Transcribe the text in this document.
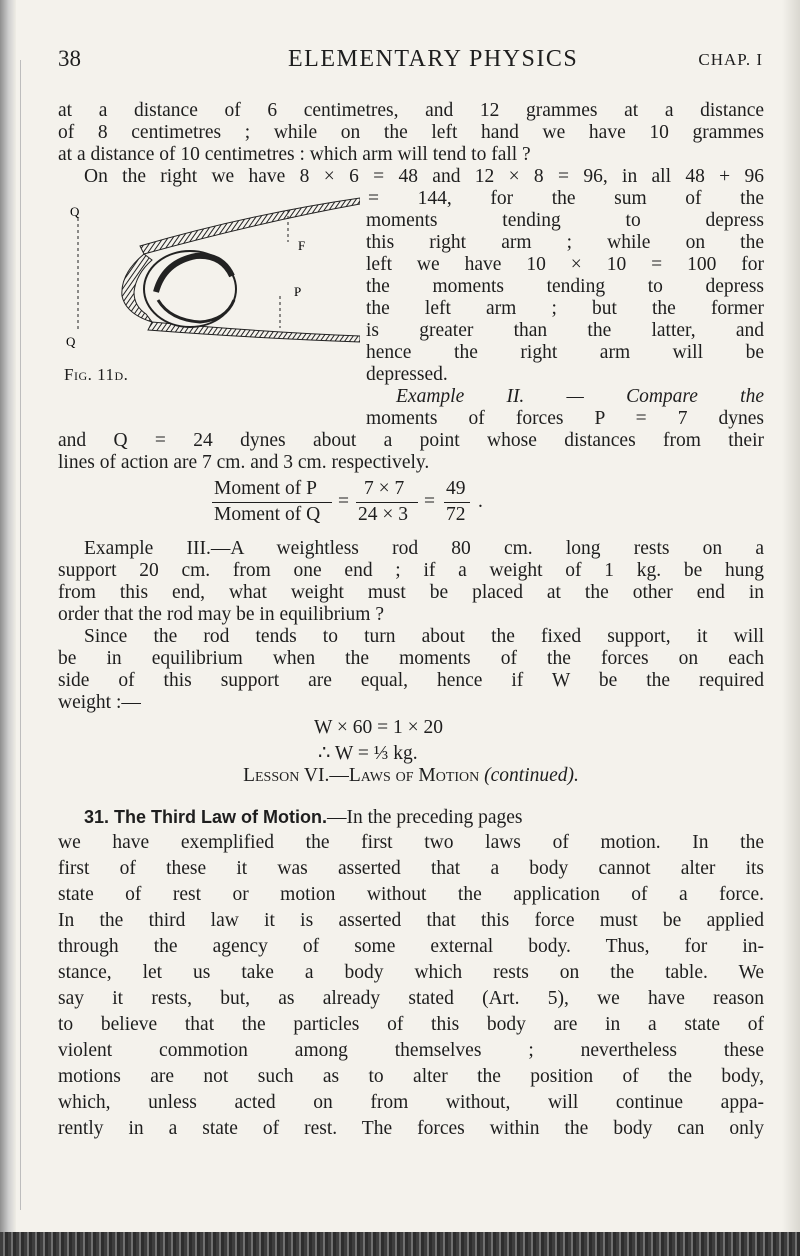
38	ELEMENTARY PHYSICS	CHAP. I
at a distance of 6 centimetres, and 12 grammes at a distance
of 8 centimetres ; while on the left hand we have 10 grammes
at a distance of 10 centimetres : which arm will tend to fall ?
On the right we have 8 × 6 = 48 and 12 × 8 = 96, in all 48 + 96
Q
F
P
Q
Fig. 11d.
= 144, for the sum of the
moments tending to depress
this right arm ; while on the
left we have 10 × 10 = 100 for
the moments tending to depress
the left arm ; but the former
is greater than the latter, and
hence the right arm will be
depressed.
Example II. — Compare the
moments of forces P = 7 dynes
and Q = 24 dynes about a point whose distances from their
lines of action are 7 cm. and 3 cm. respectively.
Moment of P
Moment of Q
=
7 × 7
24 × 3
=
49
72
.
Example III.—A weightless rod 80 cm. long rests on a
support 20 cm. from one end ; if a weight of 1 kg. be hung
from this end, what weight must be placed at the other end in
order that the rod may be in equilibrium ?
Since the rod tends to turn about the fixed support, it will
be in equilibrium when the moments of the forces on each
side of this support are equal, hence if W be the required
weight :—
W × 60 = 1 × 20
∴ W = ⅓ kg.
Lesson VI.—Laws of Motion (continued).
31. The Third Law of Motion.—In the preceding pages
we have exemplified the first two laws of motion. In the
first of these it was asserted that a body cannot alter its
state of rest or motion without the application of a force.
In the third law it is asserted that this force must be applied
through the agency of some external body. Thus, for in-
stance, let us take a body which rests on the table. We
say it rests, but, as already stated (Art. 5), we have reason
to believe that the particles of this body are in a state of
violent commotion among themselves ; nevertheless these
motions are not such as to alter the position of the body,
which, unless acted on from without, will continue appa-
rently in a state of rest. The forces within the body can only
